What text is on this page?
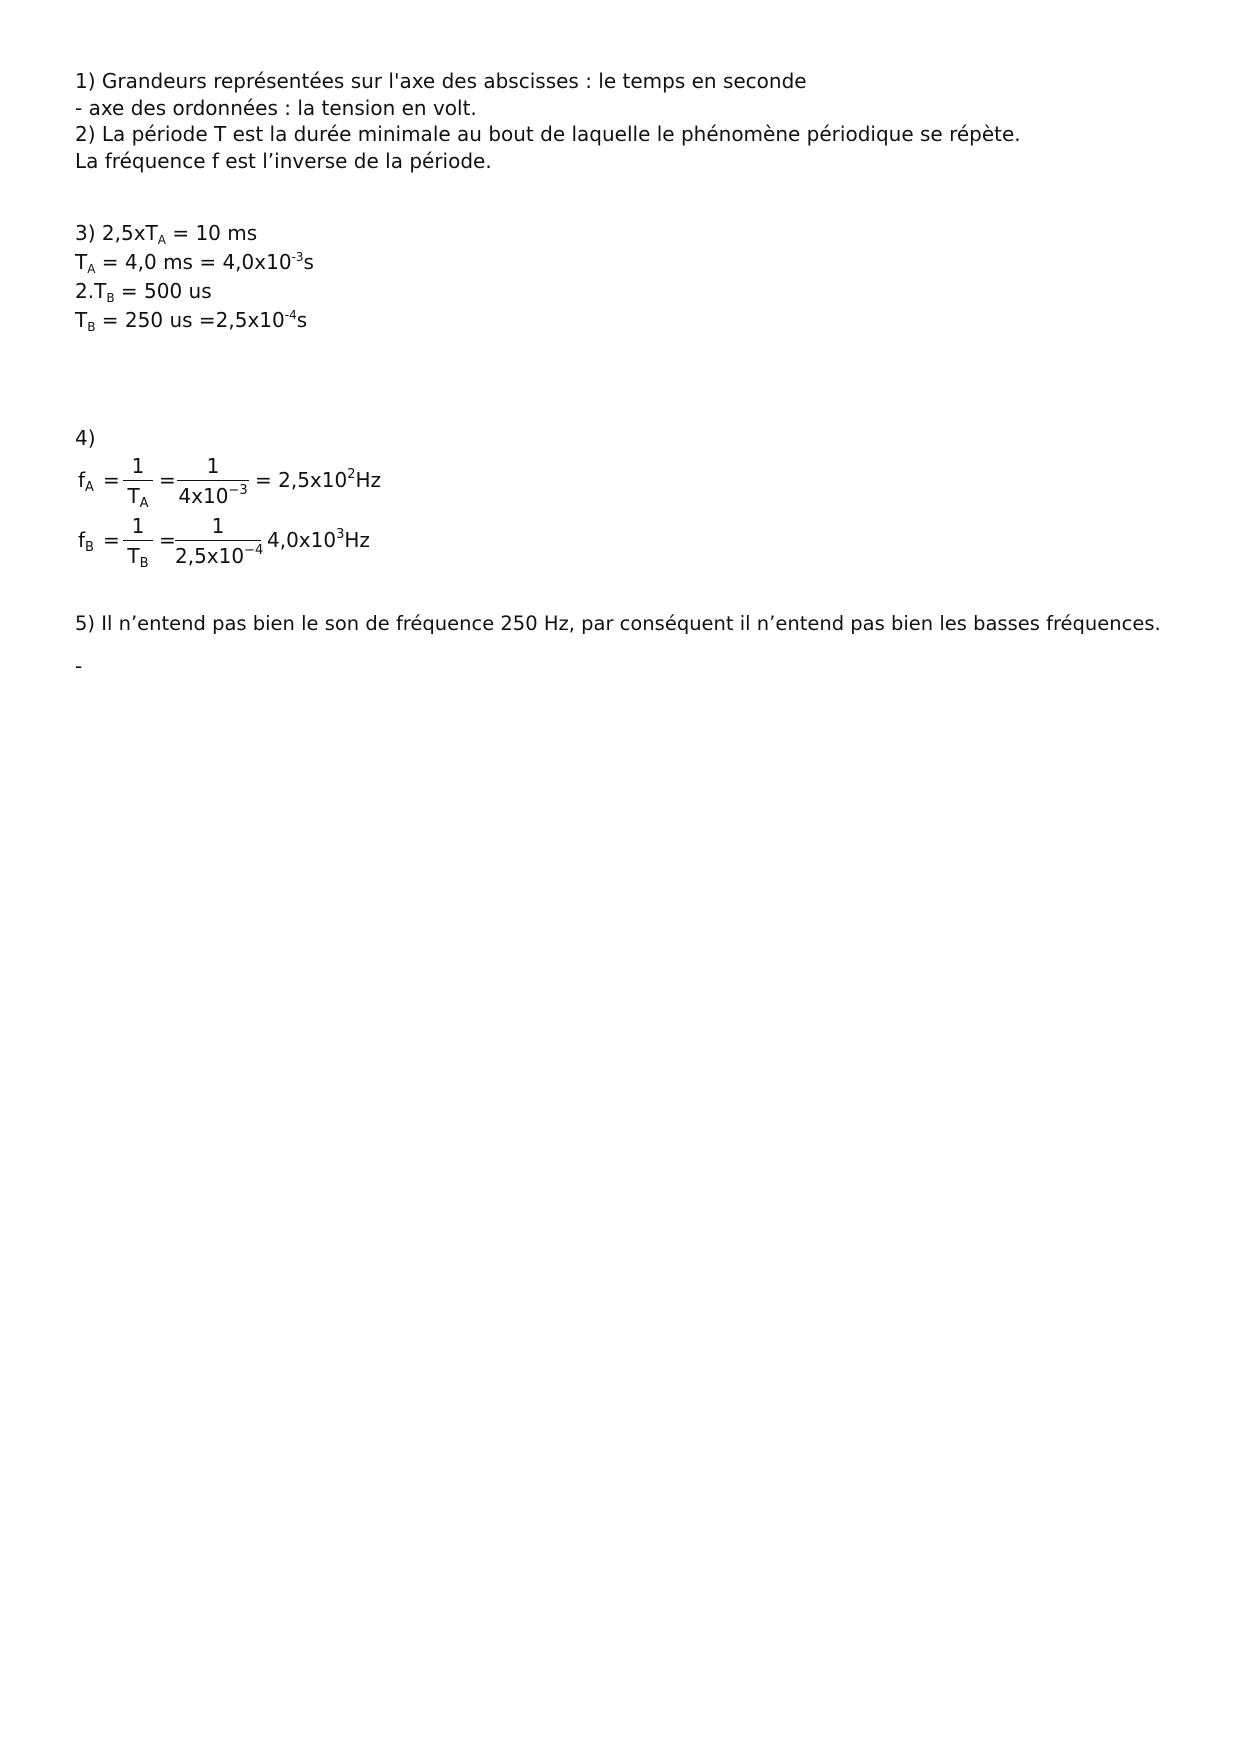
1) Grandeurs représentées sur l'axe des abscisses : le temps en seconde
- axe des ordonnées : la tension en volt.
2) La période T est la durée minimale au bout de laquelle le phénomène périodique se répète.
La fréquence f est l’inverse de la période.
3) $2,5xT_A = 10$ ms
$T_A = 4,0$ ms = $4,0x10^{-3}s$
$2.T_B = 500$ us
$T_B = 250$ us $=2,5x10^{-4}s$
4)
$f_A$ =
1
$T_A$
=
1
$4x10^{-3} = 2,5x10^2Hz$
$f_B$ =
1
$T_B$
=
1
$2,5x10^{-4}$ $4,0x10^3Hz$
5) Il n’entend pas bien le son de fréquence 250 Hz, par conséquent il n’entend pas bien les basses fréquences.
-
